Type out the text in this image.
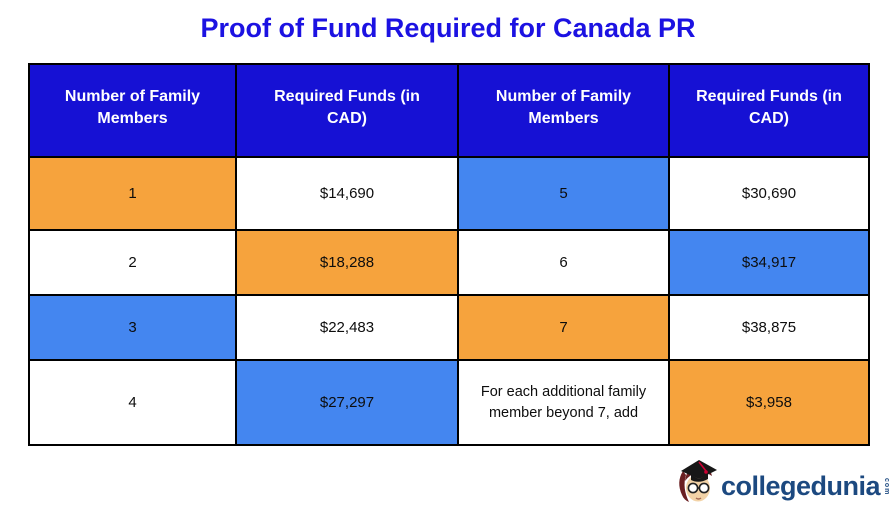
Proof of Fund Required for Canada PR
Number of Family Members	Required Funds (in CAD)	Number of Family Members	Required Funds (in CAD)
1	$14,690	5	$30,690
2	$18,288	6	$34,917
3	$22,483	7	$38,875
4	$27,297	For each additional family member beyond 7, add	$3,958
collegedunia com
